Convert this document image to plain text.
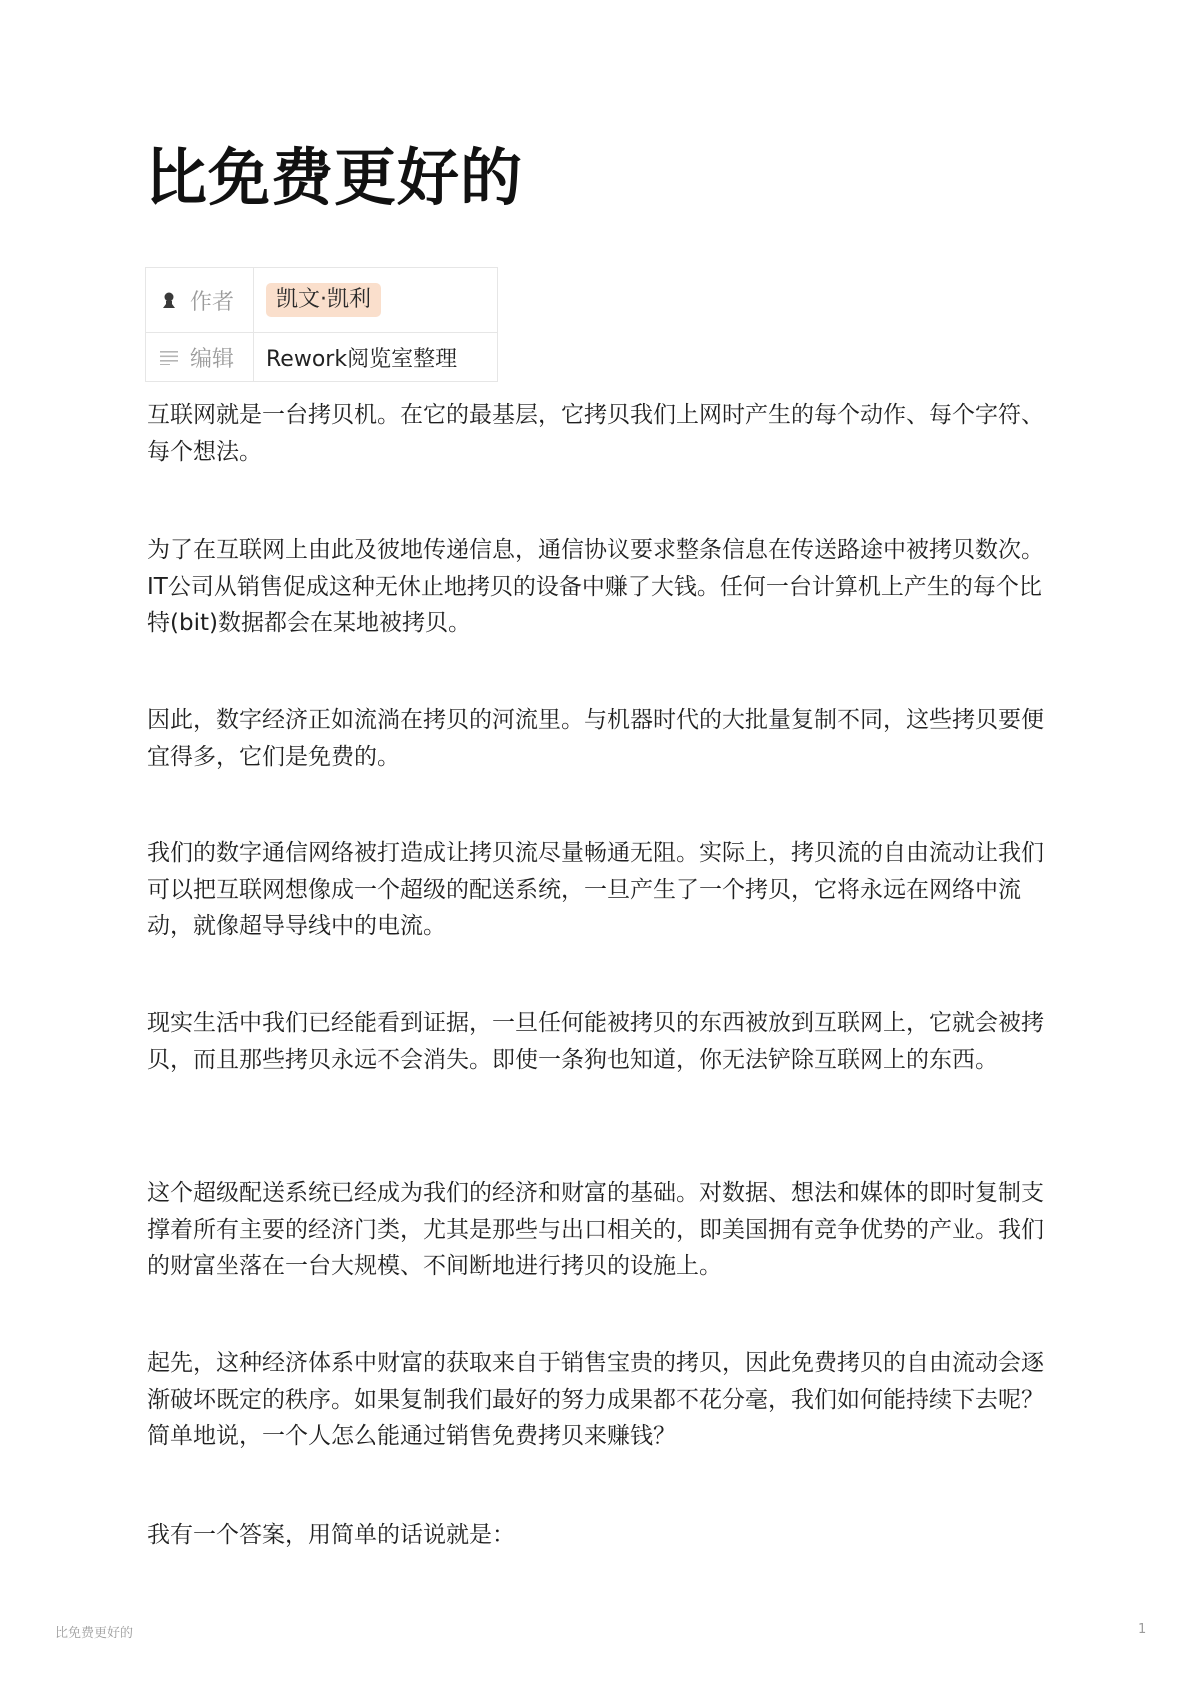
比免费更好的
作者	凯文·凯利

编辑	Rework阅览室整理

互联网就是一台拷贝机。在它的最基层，它拷贝我们上网时产生的每个动作、每个字符、每个想法。

为了在互联网上由此及彼地传递信息，通信协议要求整条信息在传送路途中被拷贝数次。IT公司从销售促成这种无休止地拷贝的设备中赚了大钱。任何一台计算机上产生的每个比特(bit)数据都会在某地被拷贝。

因此，数字经济正如流淌在拷贝的河流里。与机器时代的大批量复制不同，这些拷贝要便宜得多，它们是免费的。

我们的数字通信网络被打造成让拷贝流尽量畅通无阻。实际上，拷贝流的自由流动让我们可以把互联网想像成一个超级的配送系统，一旦产生了一个拷贝，它将永远在网络中流动，就像超导导线中的电流。

现实生活中我们已经能看到证据，一旦任何能被拷贝的东西被放到互联网上，它就会被拷贝，而且那些拷贝永远不会消失。即使一条狗也知道，你无法铲除互联网上的东西。

这个超级配送系统已经成为我们的经济和财富的基础。对数据、想法和媒体的即时复制支撑着所有主要的经济门类，尤其是那些与出口相关的，即美国拥有竞争优势的产业。我们的财富坐落在一台大规模、不间断地进行拷贝的设施上。

起先，这种经济体系中财富的获取来自于销售宝贵的拷贝，因此免费拷贝的自由流动会逐渐破坏既定的秩序。如果复制我们最好的努力成果都不花分毫，我们如何能持续下去呢？简单地说，一个人怎么能通过销售免费拷贝来赚钱？

我有一个答案，用简单的话说就是：

比免费更好的	1
